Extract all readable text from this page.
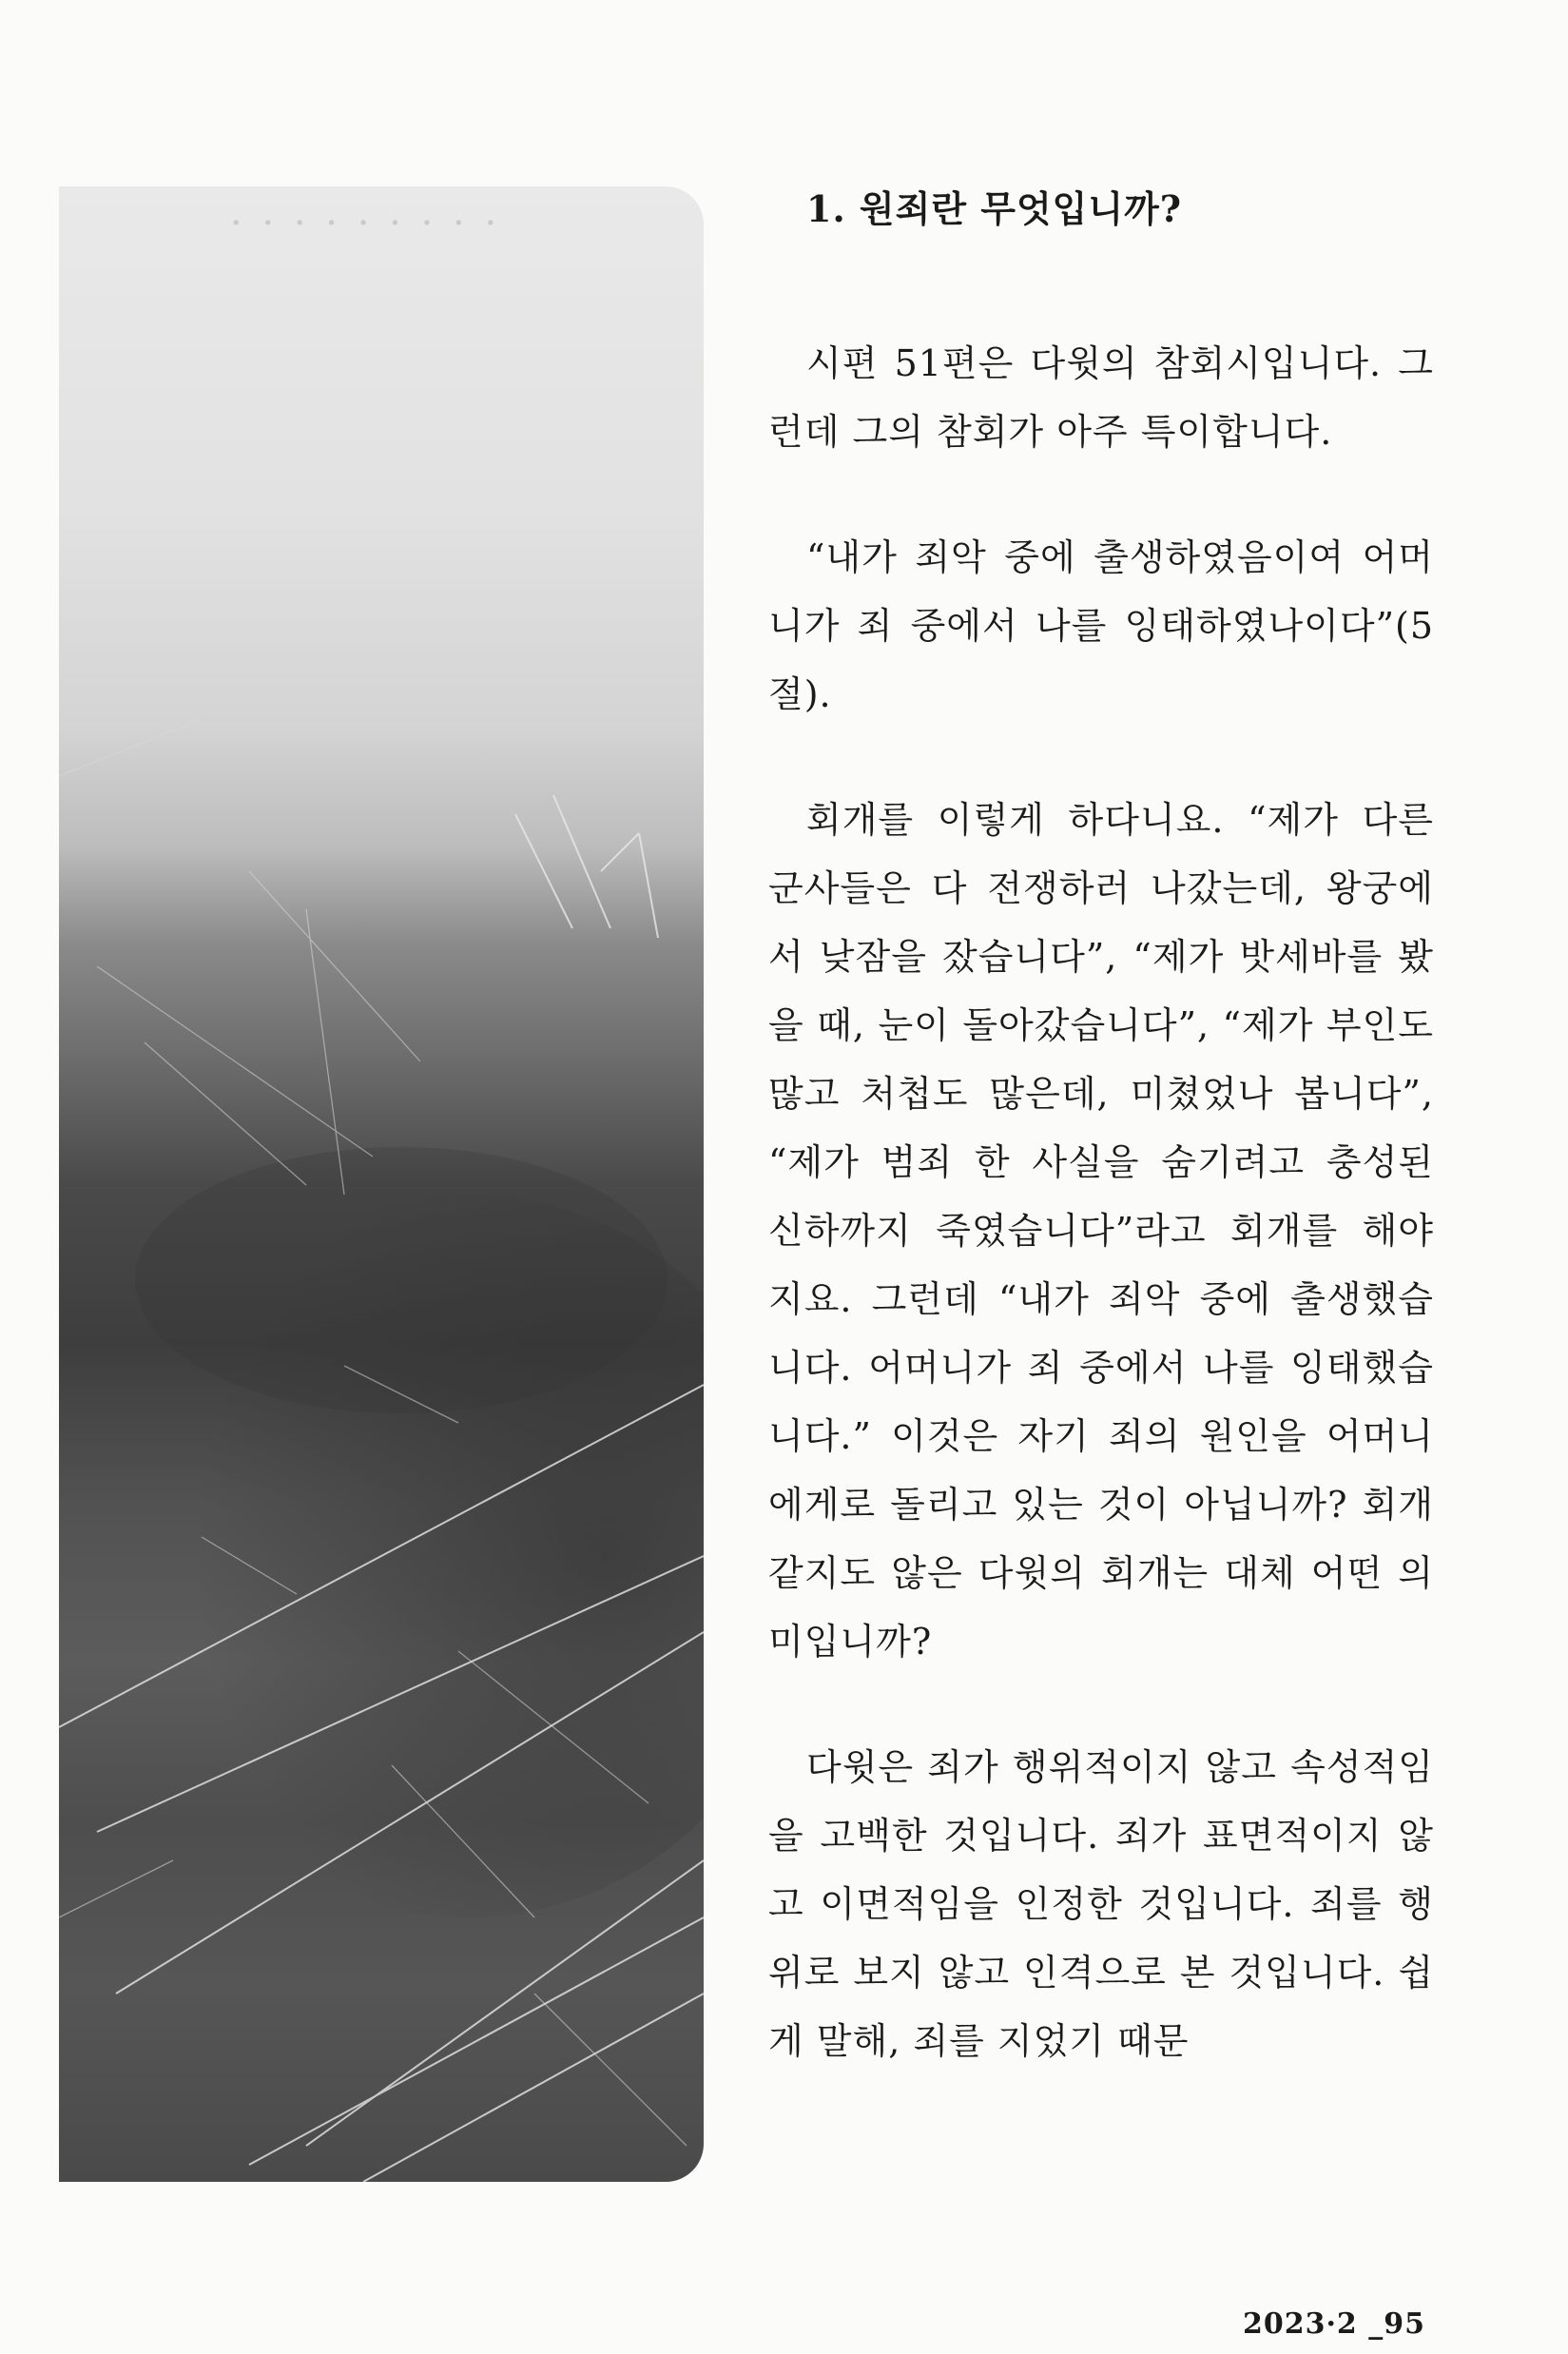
· · · · · · · · ·	1. 원죄란 무엇입니까?

시편 51편은 다윗의 참회시입니다. 그런데 그의 참회가 아주 특이합니다.

“내가 죄악 중에 출생하였음이여 어머니가 죄 중에서 나를 잉태하였나이다”(5절).

회개를 이렇게 하다니요. “제가 다른 군사들은 다 전쟁하러 나갔는데, 왕궁에서 낮잠을 잤습니다”, “제가 밧세바를 봤을 때, 눈이 돌아갔습니다”, “제가 부인도 많고 처첩도 많은데, 미쳤었나 봅니다”, “제가 범죄 한 사실을 숨기려고 충성된 신하까지 죽였습니다”라고 회개를 해야지요. 그런데 “내가 죄악 중에 출생했습니다. 어머니가 죄 중에서 나를 잉태했습니다.” 이것은 자기 죄의 원인을 어머니에게로 돌리고 있는 것이 아닙니까? 회개 같지도 않은 다윗의 회개는 대체 어떤 의미입니까?

다윗은 죄가 행위적이지 않고 속성적임을 고백한 것입니다. 죄가 표면적이지 않고 이면적임을 인정한 것입니다. 죄를 행위로 보지 않고 인격으로 본 것입니다. 쉽게 말해, 죄를 지었기 때문

2023·2 _95
